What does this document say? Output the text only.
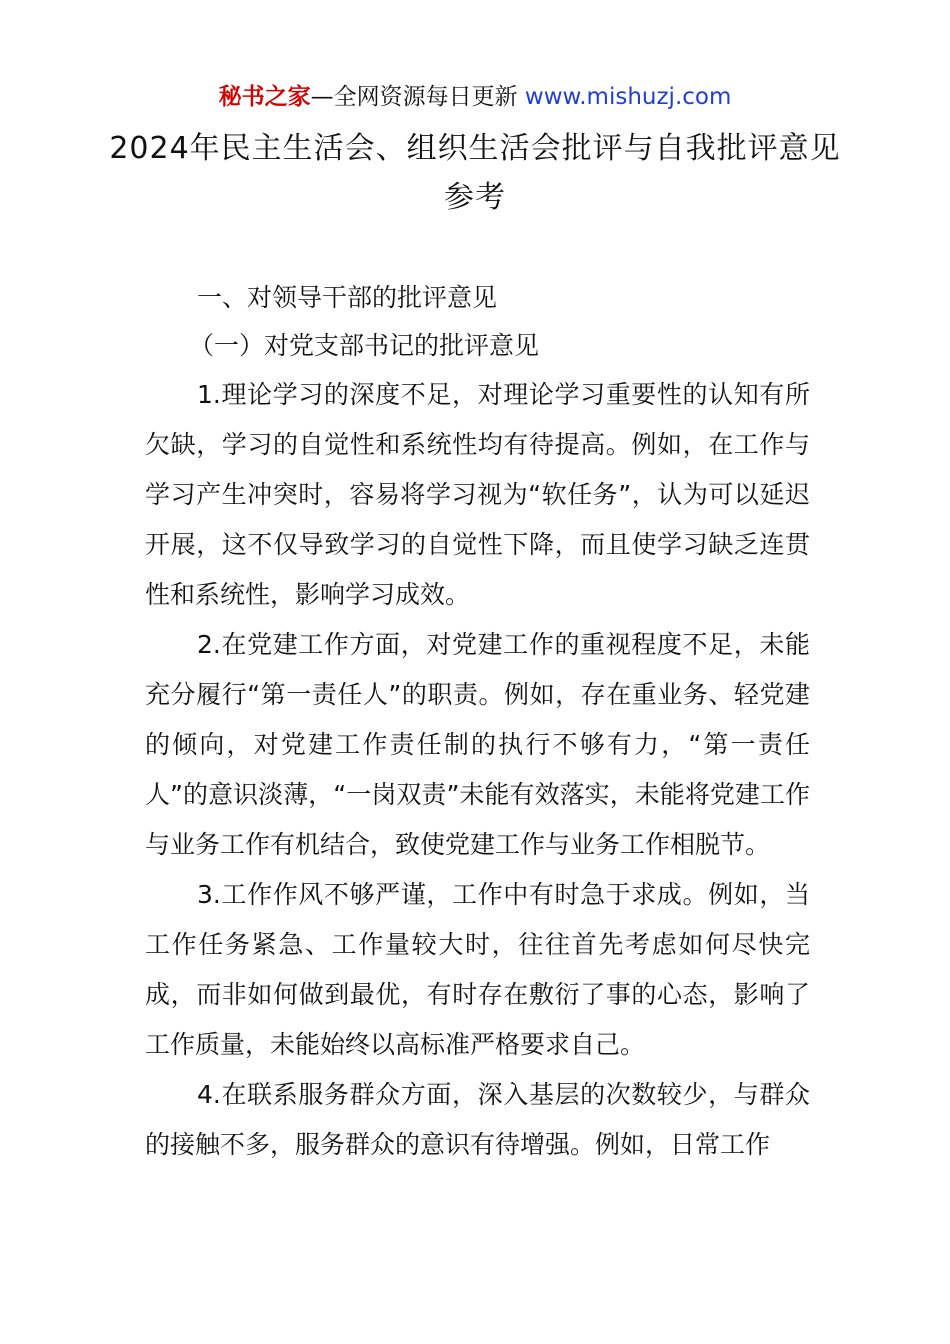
秘书之家—全网资源每日更新 www.mishuzj.com
2024年民主生活会、组织生活会批评与自我批评意见参考

一、对领导干部的批评意见

（一）对党支部书记的批评意见

1.理论学习的深度不足，对理论学习重要性的认知有所欠缺，学习的自觉性和系统性均有待提高。例如，在工作与学习产生冲突时，容易将学习视为“软任务”，认为可以延迟开展，这不仅导致学习的自觉性下降，而且使学习缺乏连贯性和系统性，影响学习成效。

2.在党建工作方面，对党建工作的重视程度不足，未能充分履行“第一责任人”的职责。例如，存在重业务、轻党建的倾向，对党建工作责任制的执行不够有力，“第一责任人”的意识淡薄，“一岗双责”未能有效落实，未能将党建工作与业务工作有机结合，致使党建工作与业务工作相脱节。

3.工作作风不够严谨，工作中有时急于求成。例如，当工作任务紧急、工作量较大时，往往首先考虑如何尽快完成，而非如何做到最优，有时存在敷衍了事的心态，影响了工作质量，未能始终以高标准严格要求自己。

4.在联系服务群众方面，深入基层的次数较少，与群众的接触不多，服务群众的意识有待增强。例如，日常工作
